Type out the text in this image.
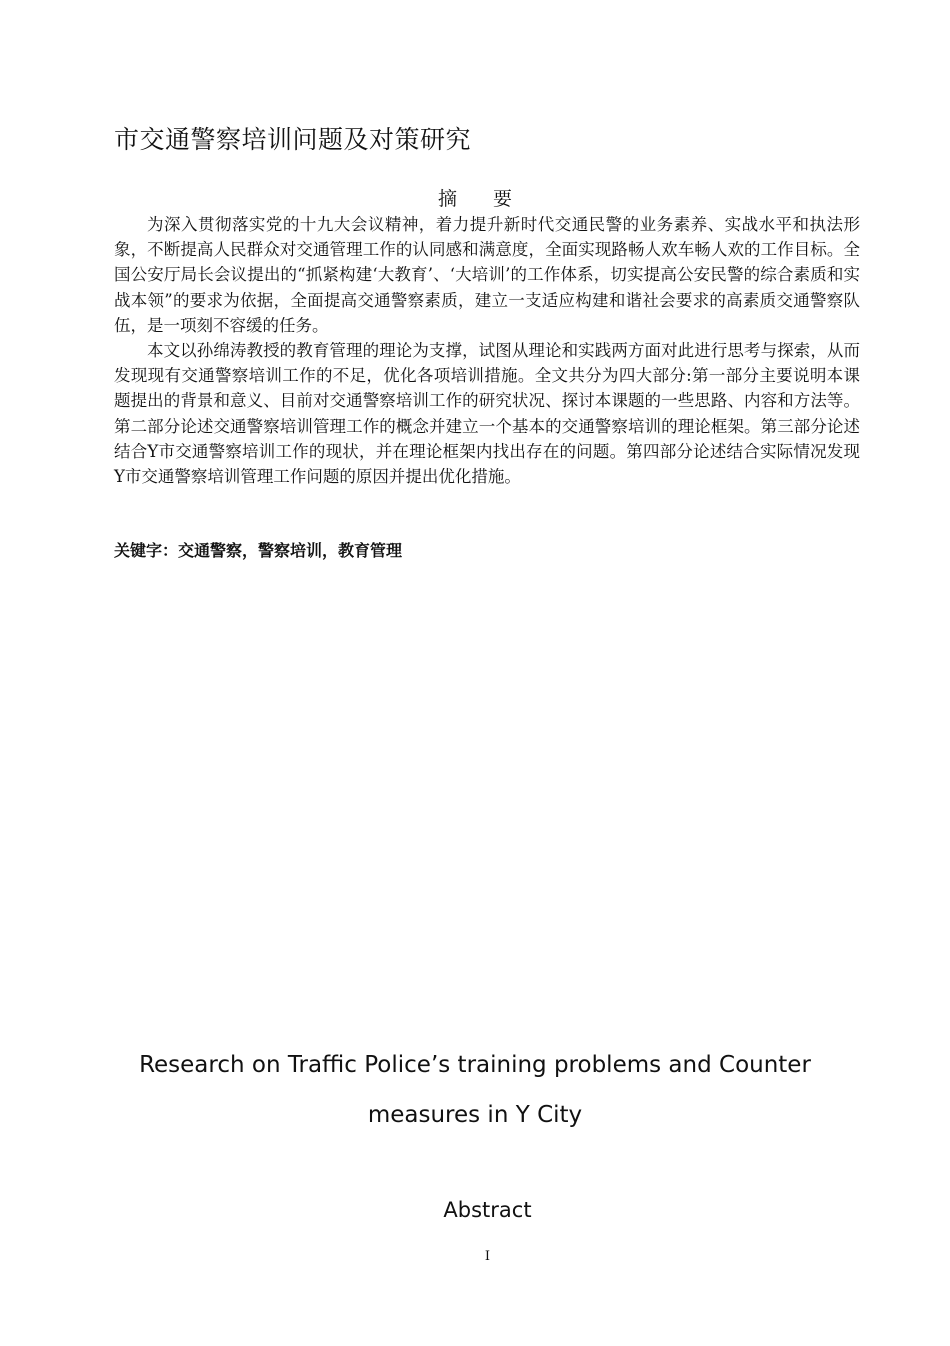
市交通警察培训问题及对策研究
摘要

为深入贯彻落实党的十九大会议精神，着力提升新时代交通民警的业务素养、实战水平和执法形象，不断提高人民群众对交通管理工作的认同感和满意度，全面实现路畅人欢车畅人欢的工作目标。全国公安厅局长会议提出的“抓紧构建‘大教育’、‘大培训’的工作体系，切实提高公安民警的综合素质和实战本领”的要求为依据，全面提高交通警察素质，建立一支适应构建和谐社会要求的高素质交通警察队伍，是一项刻不容缓的任务。

本文以孙绵涛教授的教育管理的理论为支撑，试图从理论和实践两方面对此进行思考与探索，从而发现现有交通警察培训工作的不足，优化各项培训措施。全文共分为四大部分:第一部分主要说明本课题提出的背景和意义、目前对交通警察培训工作的研究状况、探讨本课题的一些思路、内容和方法等。第二部分论述交通警察培训管理工作的概念并建立一个基本的交通警察培训的理论框架。第三部分论述结合Y市交通警察培训工作的现状，并在理论框架内找出存在的问题。第四部分论述结合实际情况发现Y市交通警察培训管理工作问题的原因并提出优化措施。

关键字：交通警察，警察培训，教育管理

Research on Traffic Police’s training problems and Counter
measures in Y City
Abstract
I
